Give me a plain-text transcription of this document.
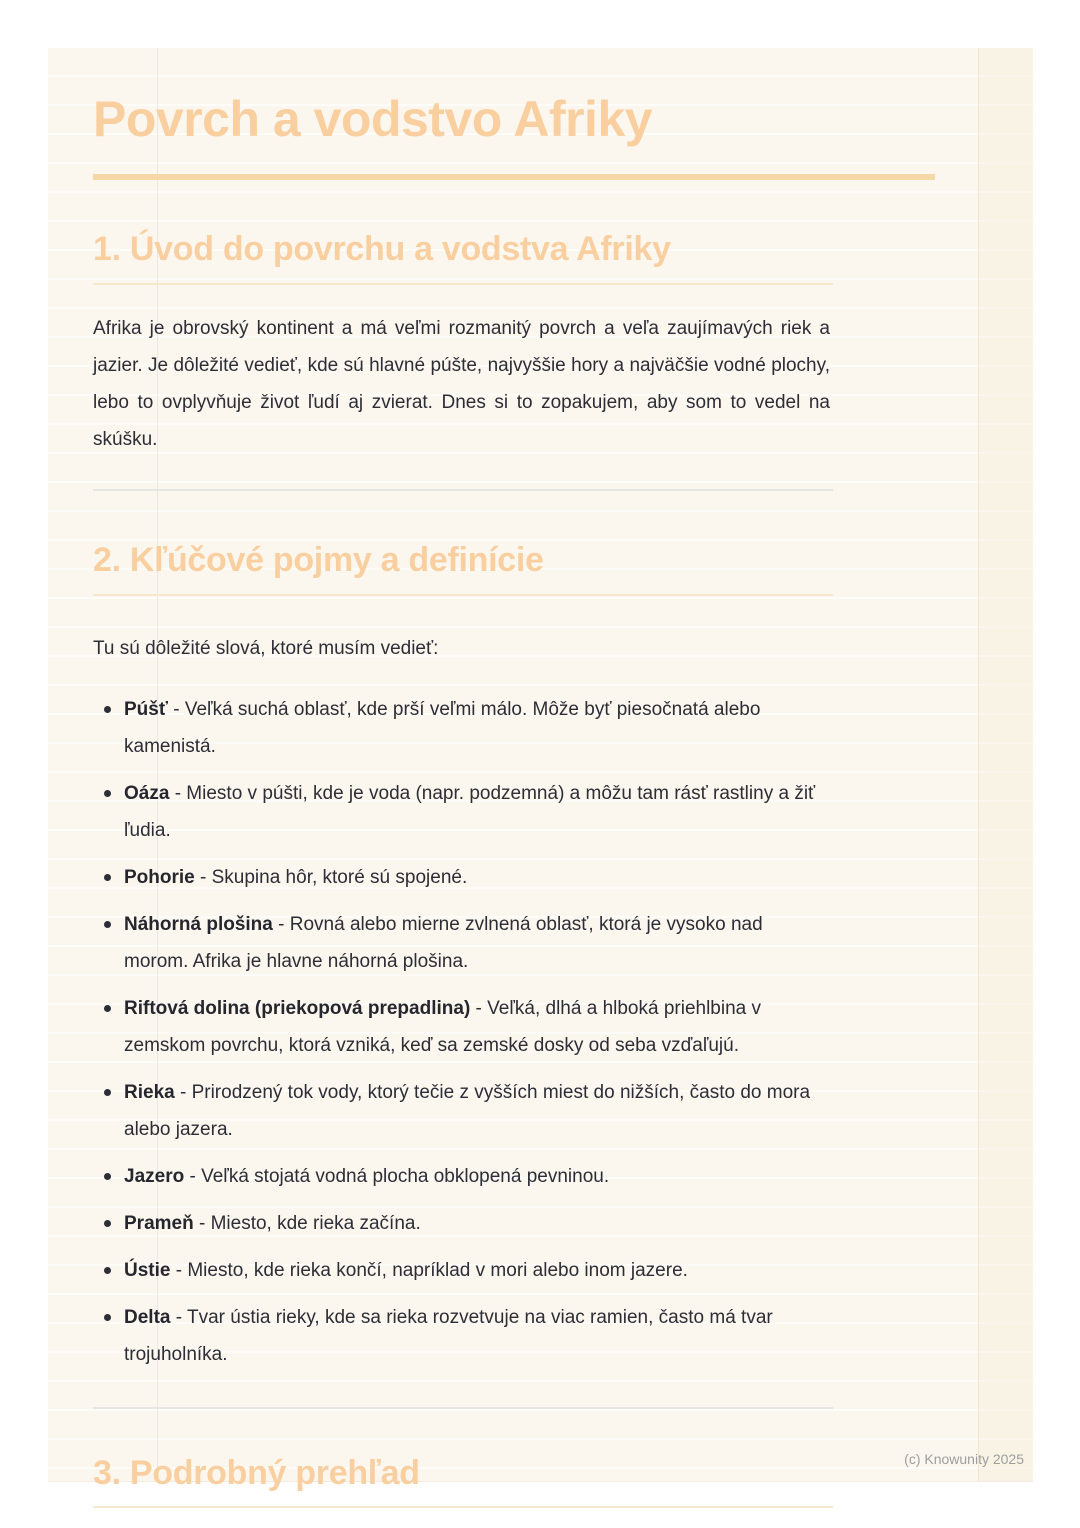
Povrch a vodstvo Afriky
1. Úvod do povrchu a vodstva Afriky

Afrika je obrovský kontinent a má veľmi rozmanitý povrch a veľa zaujímavých riek a jazier. Je dôležité vedieť, kde sú hlavné púšte, najvyššie hory a najväčšie vodné plochy, lebo to ovplyvňuje život ľudí aj zvierat. Dnes si to zopakujem, aby som to vedel na skúšku.

2. Kľúčové pojmy a definície

Tu sú dôležité slová, ktoré musím vedieť:

Púšť - Veľká suchá oblasť, kde prší veľmi málo. Môže byť piesočnatá alebo kamenistá.

Oáza - Miesto v púšti, kde je voda (napr. podzemná) a môžu tam rásť rastliny a žiť ľudia.

Pohorie - Skupina hôr, ktoré sú spojené.

Náhorná plošina - Rovná alebo mierne zvlnená oblasť, ktorá je vysoko nad morom. Afrika je hlavne náhorná plošina.

Riftová dolina (priekopová prepadlina) - Veľká, dlhá a hlboká priehlbina v zemskom povrchu, ktorá vzniká, keď sa zemské dosky od seba vzďaľujú.

Rieka - Prirodzený tok vody, ktorý tečie z vyšších miest do nižších, často do mora alebo jazera.

Jazero - Veľká stojatá vodná plocha obklopená pevninou.

Prameň - Miesto, kde rieka začína.

Ústie - Miesto, kde rieka končí, napríklad v mori alebo inom jazere.

Delta - Tvar ústia rieky, kde sa rieka rozvetvuje na viac ramien, často má tvar trojuholníka.

3. Podrobný prehľad	(c) Knowunity 2025
